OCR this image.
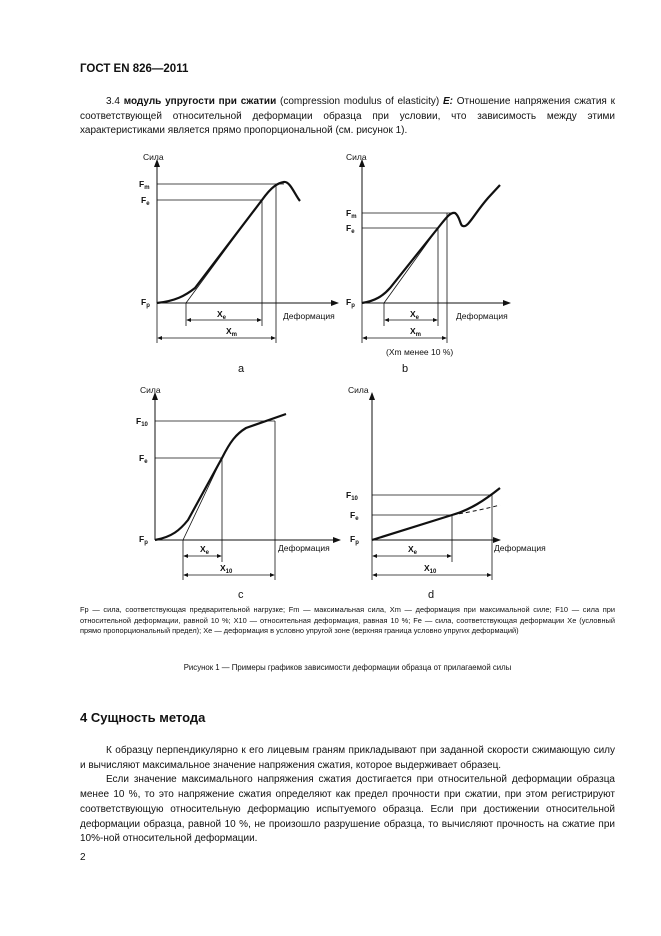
ГОСТ EN 826—2011
3.4 модуль упругости при сжатии (compression modulus of elasticity) E: Отношение напряжения сжатия к соответствующей относительной деформации образца при условии, что зависимость между этими характеристиками является прямо пропорциональной (см. рисунок 1).
Сила
Деформация
$F_m$
$F_e$
$F_p$
$X_e$
$X_m$
a
Сила
Деформация
$F_m$
$F_e$
$F_p$
$X_e$
$X_m$
(Xm менее 10 %)
b
Сила
Деформация
$F_{10}$
$F_e$
$F_p$
$X_e$
$X_{10}$
c
Сила
Деформация
$F_{10}$
$F_e$
$F_p$
$X_e$
$X_{10}$
d
Fp — сила, соответствующая предварительной нагрузке; Fm — максимальная сила, Xm — деформация при максимальной силе; F10 — сила при относительной деформации, равной 10 %; X10 — относительная деформация, равная 10 %; Fe — сила, соответствующая деформации Xe (условный прямо пропорциональный предел); Xe — деформация в условно упругой зоне (верхняя граница условно упругих деформаций)
Рисунок 1 — Примеры графиков зависимости деформации образца от прилагаемой силы
4 Сущность метода

К образцу перпендикулярно к его лицевым граням прикладывают при заданной скорости сжимающую силу и вычисляют максимальное значение напряжения сжатия, которое выдерживает образец.

Если значение максимального напряжения сжатия достигается при относительной деформации образца менее 10 %, то это напряжение сжатия определяют как предел прочности при сжатии, при этом регистрируют соответствующую относительную деформацию испытуемого образца. Если при достижении относительной деформации образца, равной 10 %, не произошло разрушение образца, то вычисляют прочность на сжатие при 10%-ной относительной деформации.

2
